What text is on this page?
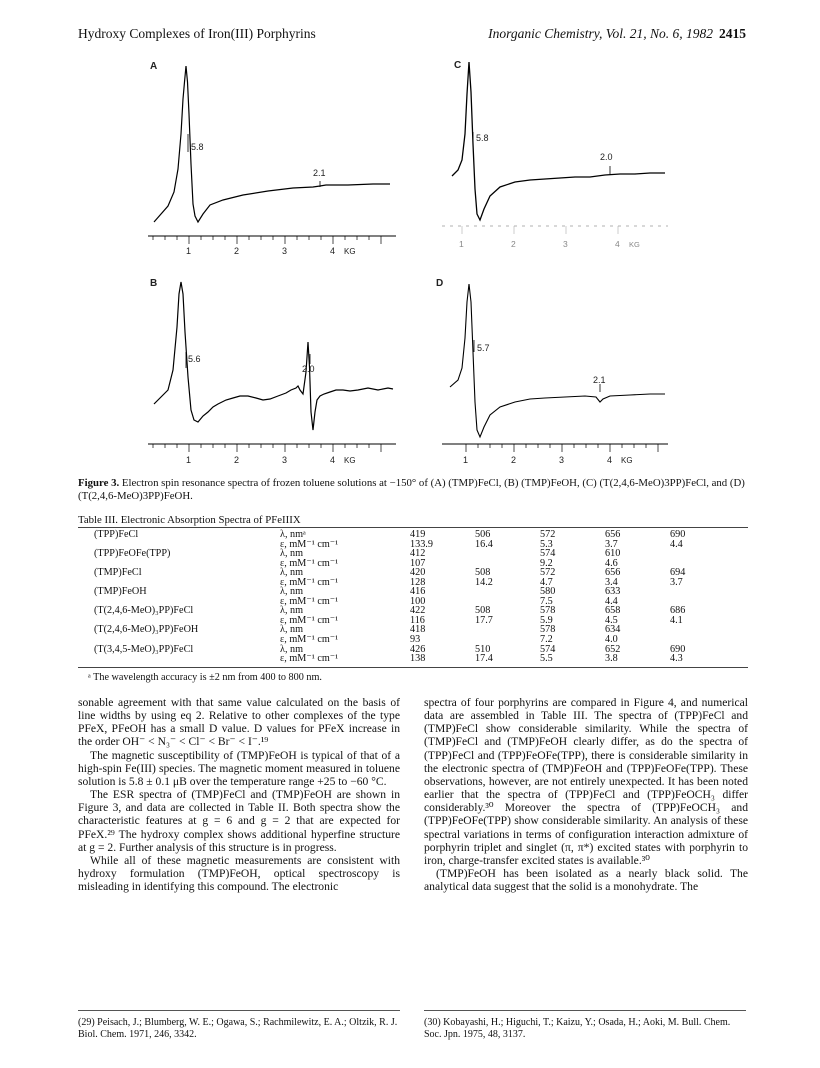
Hydroxy Complexes of Iron(III) Porphyrins	Inorganic Chemistry, Vol. 21, No. 6, 1982 2415
A
5.8
2.1
1	2	3	4 KG
B
5.6
2.0
1	2	3	4 KG
C
5.8
2.0
1	2	3	4 KG
D
5.7
2.1
1	2	3	4 KG
Figure 3. Electron spin resonance spectra of frozen toluene solutions at −150° of (A) (TMP)FeCl, (B) (TMP)FeOH, (C) (T(2,4,6-MeO)3PP)FeCl, and (D) (T(2,4,6-MeO)3PP)FeOH.
Table III. Electronic Absorption Spectra of PFeIIIX
(TPP)FeCl	λ, nmᵃ	419	506	572	656	690
	ε, mM⁻¹ cm⁻¹	133.9	16.4	5.3	3.7	4.4
(TPP)FeOFe(TPP)	λ, nm	412		574	610	
	ε, mM⁻¹ cm⁻¹	107		9.2	4.6	
(TMP)FeCl	λ, nm	420	508	572	656	694
	ε, mM⁻¹ cm⁻¹	128	14.2	4.7	3.4	3.7
(TMP)FeOH	λ, nm	416		580	633	
	ε, mM⁻¹ cm⁻¹	100		7.5	4.4	
(T(2,4,6-MeO)₃PP)FeCl	λ, nm	422	508	578	658	686
	ε, mM⁻¹ cm⁻¹	116	17.7	5.9	4.5	4.1
(T(2,4,6-MeO)₃PP)FeOH	λ, nm	418		578	634	
	ε, mM⁻¹ cm⁻¹	93		7.2	4.0	
(T(3,4,5-MeO)₃PP)FeCl	λ, nm	426	510	574	652	690
	ε, mM⁻¹ cm⁻¹	138	17.4	5.5	3.8	4.3
ᵃ The wavelength accuracy is ±2 nm from 400 to 800 nm.

sonable agreement with that same value calculated on the basis of line widths by using eq 2. Relative to other complexes of the type PFeX, PFeOH has a small D value. D values for PFeX increase in the order OH⁻ < N₃⁻ < Cl⁻ < Br⁻ < I⁻.¹⁹

The magnetic susceptibility of (TMP)FeOH is typical of that of a high-spin Fe(III) species. The magnetic moment measured in toluene solution is 5.8 ± 0.1 μB over the temperature range +25 to −60 °C.

The ESR spectra of (TMP)FeCl and (TMP)FeOH are shown in Figure 3, and data are collected in Table II. Both spectra show the characteristic features at g = 6 and g = 2 that are expected for PFeX.²⁹ The hydroxy complex shows additional hyperfine structure at g = 2. Further analysis of this structure is in progress.

While all of these magnetic measurements are consistent with hydroxy formulation (TMP)FeOH, optical spectroscopy is misleading in identifying this compound. The electronic

spectra of four porphyrins are compared in Figure 4, and numerical data are assembled in Table III. The spectra of (TPP)FeCl and (TMP)FeCl show considerable similarity. While the spectra of (TMP)FeCl and (TMP)FeOH clearly differ, as do the spectra of (TPP)FeCl and (TPP)FeOFe(TPP), there is considerable similarity in the electronic spectra of (TMP)FeOH and (TPP)FeOFe(TPP). These observations, however, are not entirely unexpected. It has been noted earlier that the spectra of (TPP)FeCl and (TPP)FeOCH₃ differ considerably.³⁰ Moreover the spectra of (TPP)FeOCH₃ and (TPP)FeOFe(TPP) show considerable similarity. An analysis of these spectral variations in terms of configuration interaction admixture of porphyrin triplet and singlet (π, π*) excited states with porphyrin to iron, charge-transfer excited states is available.³⁰

(TMP)FeOH has been isolated as a nearly black solid. The analytical data suggest that the solid is a monohydrate. The

(29) Peisach, J.; Blumberg, W. E.; Ogawa, S.; Rachmilewitz, E. A.; Oltzik, R. J. Biol. Chem. 1971, 246, 3342.
(30) Kobayashi, H.; Higuchi, T.; Kaizu, Y.; Osada, H.; Aoki, M. Bull. Chem. Soc. Jpn. 1975, 48, 3137.
